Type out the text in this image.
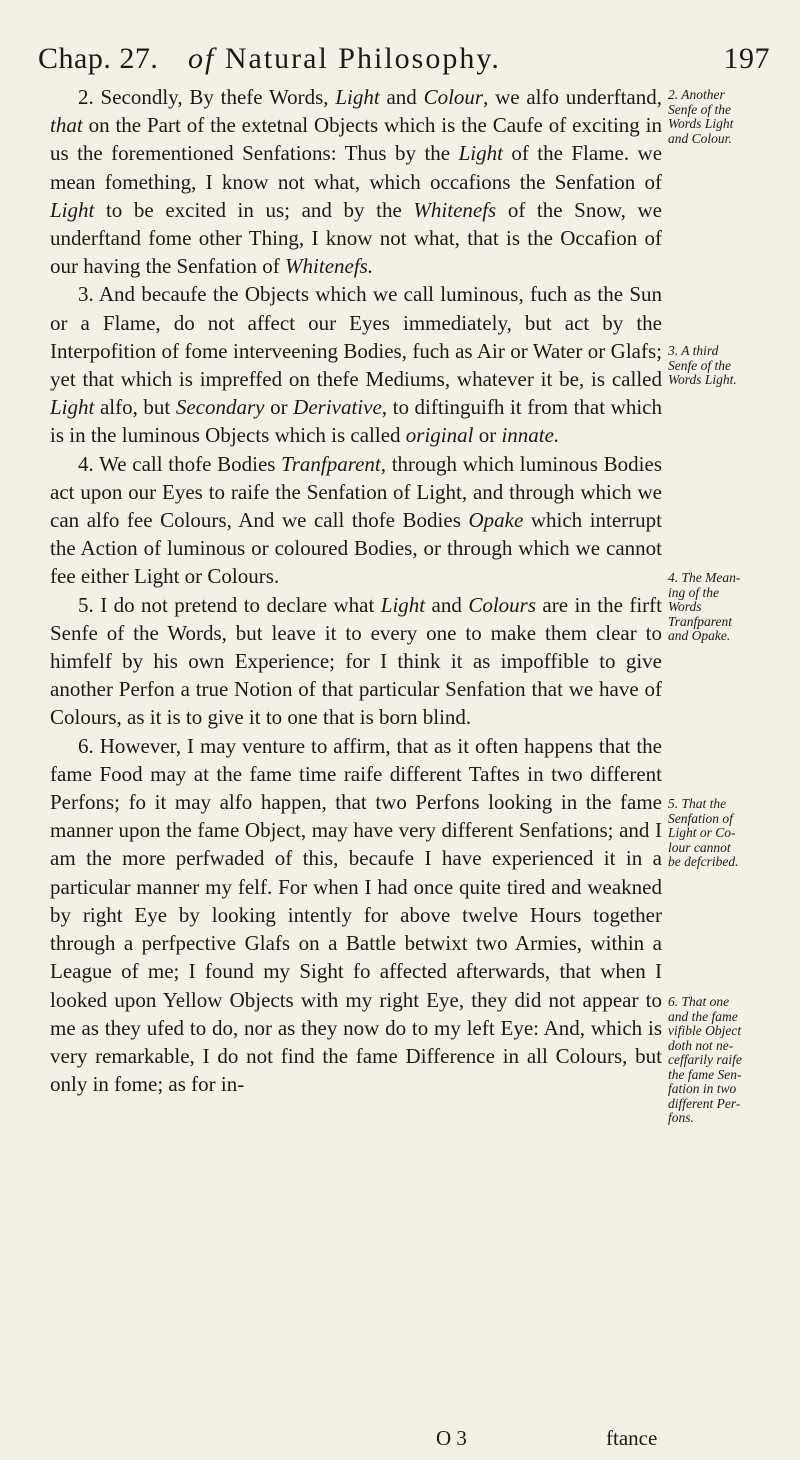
Chap. 27. of Natural Philosophy.	197

2. Secondly, By thefe Words, Light and Colour, we alfo underftand, that on the Part of the extetnal Objects which is the Caufe of exciting in us the forementioned Senfations: Thus by the Light of the Flame. we mean fomething, I know not what, which occafions the Senfation of Light to be excited in us; and by the Whitenefs of the Snow, we underftand fome other Thing, I know not what, that is the Occafion of our having the Senfation of Whitenefs.

3. And becaufe the Objects which we call luminous, fuch as the Sun or a Flame, do not affect our Eyes immediately, but act by the Interpofition of fome interveening Bodies, fuch as Air or Water or Glafs; yet that which is impreffed on thefe Mediums, whatever it be, is called Light alfo, but Secondary or Derivative, to diftinguifh it from that which is in the luminous Objects which is called original or innate.

4. We call thofe Bodies Tranfparent, through which luminous Bodies act upon our Eyes to raife the Senfation of Light, and through which we can alfo fee Colours, And we call thofe Bodies Opake which interrupt the Action of luminous or coloured Bodies, or through which we cannot fee either Light or Colours.

5. I do not pretend to declare what Light and Colours are in the firft Senfe of the Words, but leave it to every one to make them clear to himfelf by his own Experience; for I think it as impoffible to give another Perfon a true Notion of that particular Senfation that we have of Colours, as it is to give it to one that is born blind.

6. However, I may venture to affirm, that as it often happens that the fame Food may at the fame time raife different Taftes in two different Perfons; fo it may alfo happen, that two Perfons looking in the fame manner upon the fame Object, may have very different Senfations; and I am the more perfwaded of this, becaufe I have experienced it in a particular manner my felf. For when I had once quite tired and weakned by right Eye by looking intently for above twelve Hours together through a perfpective Glafs on a Battle betwixt two Armies, within a League of me; I found my Sight fo affected afterwards, that when I looked upon Yellow Objects with my right Eye, they did not appear to me as they ufed to do, nor as they now do to my left Eye: And, which is very remarkable, I do not find the fame Difference in all Colours, but only in fome; as for in-

2. Another
Senfe of the
Words Light
and Colour.
3. A third
Senfe of the
Words Light.
4. The Mean-
ing of the
Words
Tranfparent
and Opake.
5. That the
Senfation of
Light or Co-
lour cannot
be defcribed.
6. That one
and the fame
vifible Object
doth not ne-
ceffarily raife
the fame Sen-
fation in two
different Per-
fons.
O 3	ftance
